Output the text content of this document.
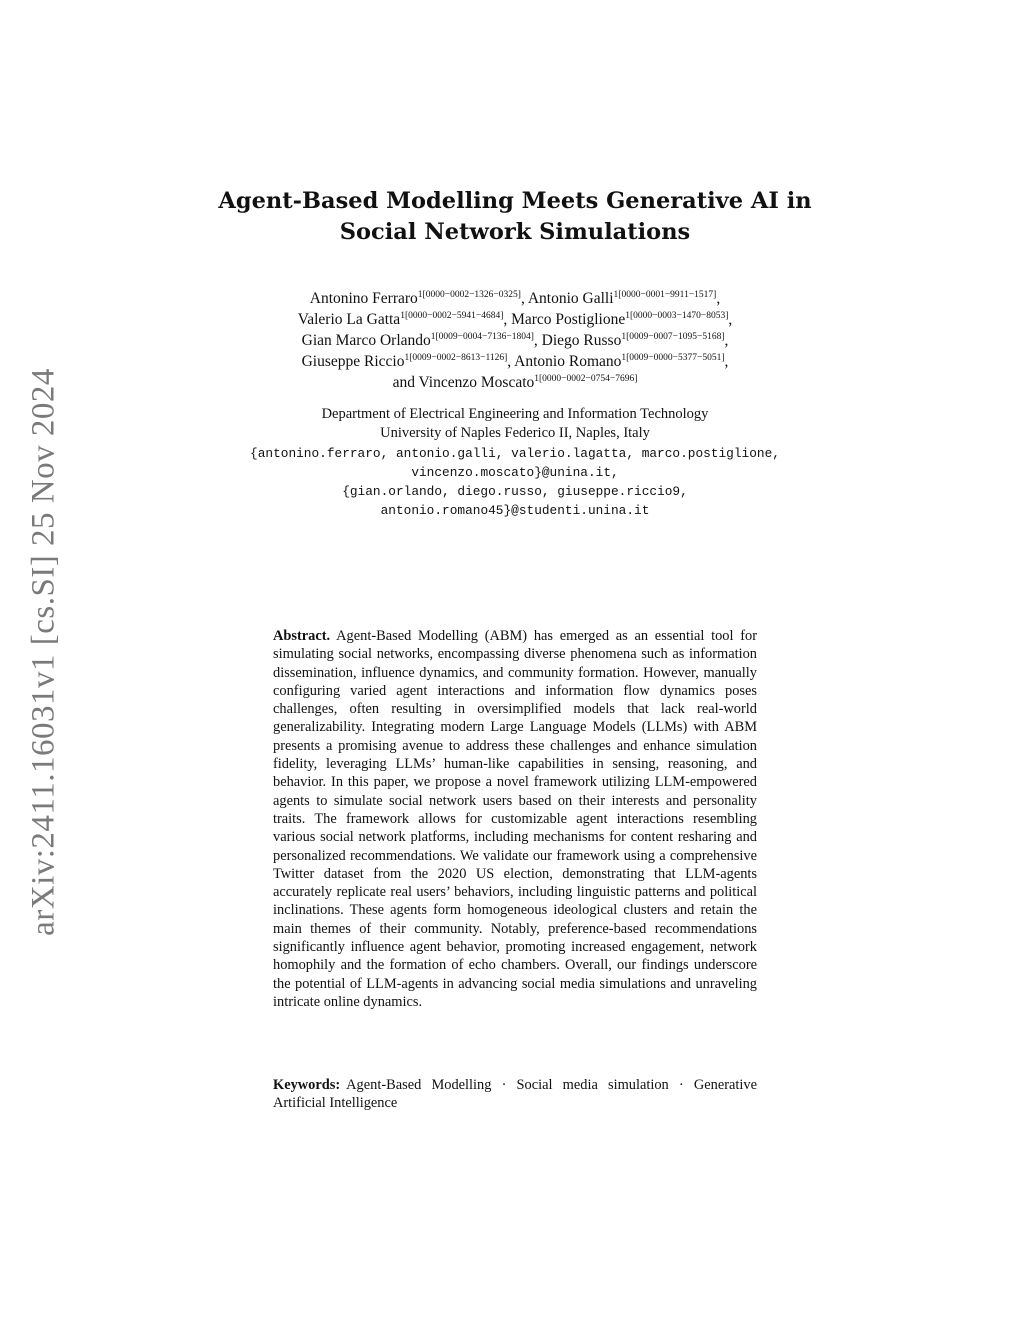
arXiv:2411.16031v1 [cs.SI] 25 Nov 2024
Agent-Based Modelling Meets Generative AI in
Social Network Simulations
Antonino Ferraro$^{1[0000-0002-1326-0325]}$, Antonio Galli$^{1[0000-0001-9911-1517]}$,
Valerio La Gatta$^{1[0000-0002-5941-4684]}$, Marco Postiglione$^{1[0000-0003-1470-8053]}$,
Gian Marco Orlando$^{1[0009-0004-7136-1804]}$, Diego Russo$^{1[0009-0007-1095-5168]}$,
Giuseppe Riccio$^{1[0009-0002-8613-1126]}$, Antonio Romano$^{1[0009-0000-5377-5051]}$,
and Vincenzo Moscato$^{1[0000-0002-0754-7696]}$
Department of Electrical Engineering and Information Technology
University of Naples Federico II, Naples, Italy
{antonino.ferraro, antonio.galli, valerio.lagatta, marco.postiglione,
vincenzo.moscato}@unina.it,
{gian.orlando, diego.russo, giuseppe.riccio9,
antonio.romano45}@studenti.unina.it
Abstract. Agent-Based Modelling (ABM) has emerged as an essential tool for simulating social networks, encompassing diverse phenomena such as information dissemination, influence dynamics, and community formation. However, manually configuring varied agent interactions and information flow dynamics poses challenges, often resulting in oversimplified models that lack real-world generalizability. Integrating modern Large Language Models (LLMs) with ABM presents a promising avenue to address these challenges and enhance simulation fidelity, leveraging LLMs’ human-like capabilities in sensing, reasoning, and behavior. In this paper, we propose a novel framework utilizing LLM-empowered agents to simulate social network users based on their interests and personality traits. The framework allows for customizable agent interactions resembling various social network platforms, including mechanisms for content resharing and personalized recommendations. We validate our framework using a comprehensive Twitter dataset from the 2020 US election, demonstrating that LLM-agents accurately replicate real users’ behaviors, including linguistic patterns and political inclinations. These agents form homogeneous ideological clusters and retain the main themes of their community. Notably, preference-based recommendations significantly influence agent behavior, promoting increased engagement, network homophily and the formation of echo chambers. Overall, our findings underscore the potential of LLM-agents in advancing social media simulations and unraveling intricate online dynamics.
Keywords: Agent-Based Modelling · Social media simulation · Generative Artificial Intelligence
